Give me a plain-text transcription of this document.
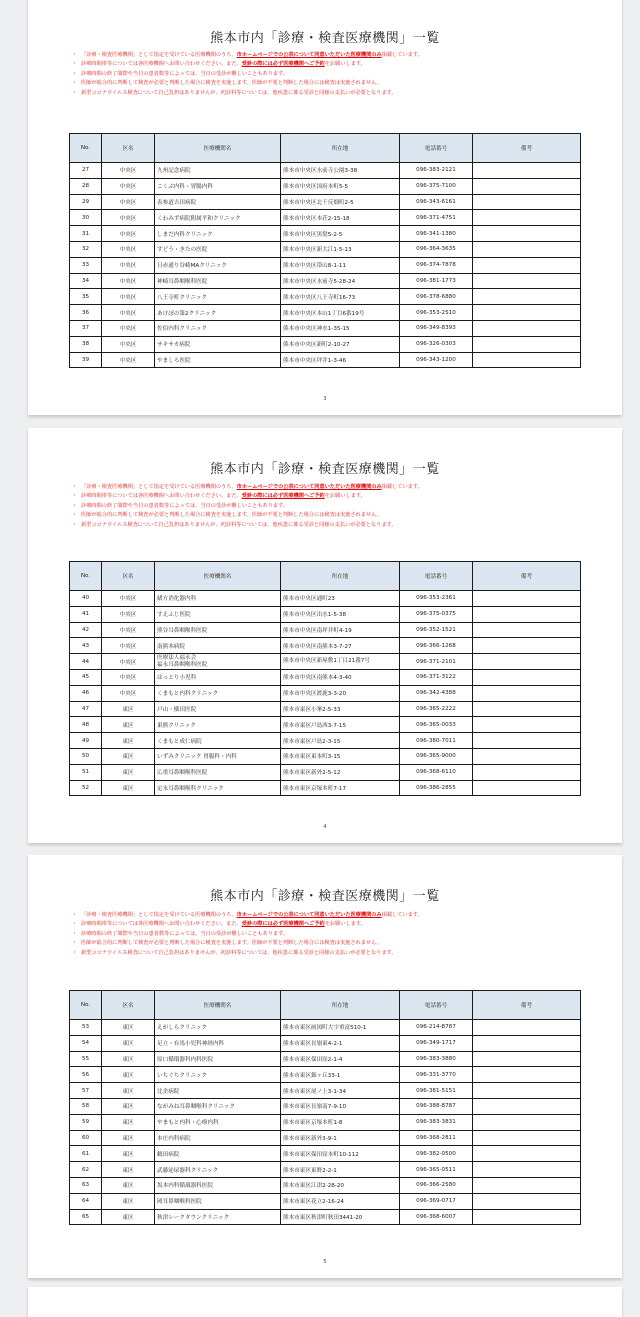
熊本市内「診療・検査医療機関」一覧
・ 「診療・検査医療機関」として指定を受けている医療機関のうち、市ホームページでの公表について同意いただいた医療機関のみ掲載しています。
・ 診療時間帯等については各医療機関へお問い合わせください。また、受診の際には必ず医療機関へご予約をお願いします。
・ 診療時間の終了間際や当日の患者数等によっては、当日の受診が難しいこともあります。
・ 医師が総合的に判断して検査が必要と判断した場合に検査を実施します。医師が不要と判断した場合には検査は実施されません。
・ 新型コロナウイルス検査について自己負担はありませんが、初診料等については、他疾患に係る受診と同様の支払いが必要となります。
No.	区名	医療機関名	所在地	電話番号	備考
27	中央区	九州記念病院	熊本市中央区水前寺公園3-38	096-383-2121	
28	中央区	こくぶ内科・胃腸内科	熊本市中央区国府本町5-5	096-375-7100	
29	中央区	表参道吉田病院	熊本市中央区北千反畑町2-5	096-343-6161	
30	中央区	くわみず病院附属平和クリニック	熊本市中央区本荘2-15-18	096-371-4751	
31	中央区	しまだ内科クリニック	熊本市中央区黒髪5-2-5	096-341-1380	
32	中央区	すどう・きたの医院	熊本市中央区新大江1-5-13	096-364-3635	
33	中央区	日赤通り谷崎MAクリニック	熊本市中央区帯山8-1-11	096-374-7878	
34	中央区	神崎耳鼻咽喉科医院	熊本市中央区水前寺5-28-24	096-381-1773	
35	中央区	八王寺町クリニック	熊本市中央区八王寺町16-73	096-378-6880	
36	中央区	あけぼの第2クリニック	熊本市中央区本山1丁目6番19号	096-353-2510	
37	中央区	佐伯内科クリニック	熊本市中央区神水1-35-15	096-349-8393	
38	中央区	サキサカ病院	熊本市中央区新町2-10-27	096-326-0303	
39	中央区	やましろ医院	熊本市中央区坪井1-3-46	096-343-1200	
3
熊本市内「診療・検査医療機関」一覧
・ 「診療・検査医療機関」として指定を受けている医療機関のうち、市ホームページでの公表について同意いただいた医療機関のみ掲載しています。
・ 診療時間帯等については各医療機関へお問い合わせください。また、受診の際には必ず医療機関へご予約をお願いします。
・ 診療時間の終了間際や当日の患者数等によっては、当日の受診が難しいこともあります。
・ 医師が総合的に判断して検査が必要と判断した場合に検査を実施します。医師が不要と判断した場合には検査は実施されません。
・ 新型コロナウイルス検査について自己負担はありませんが、初診料等については、他疾患に係る受診と同様の支払いが必要となります。
No.	区名	医療機関名	所在地	電話番号	備考
40	中央区	緒方消化器内科	熊本市中央区通町23	096-353-2361	
41	中央区	すえふじ医院	熊本市中央区出水1-5-38	096-375-0375	
42	中央区	熊谷耳鼻咽喉科医院	熊本市中央区南坪井町4-19	096-352-1521	
43	中央区	南熊本病院	熊本市中央区南熊本3-7-27	096-366-1268	
44	中央区	医療法人福永会
福永耳鼻咽喉科医院	熊本市中央区新屋敷1丁目21番7号	096-371-2101	
45	中央区	はっとり小児科	熊本市中央区南熊本4-3-40	096-371-3122	
46	中央区	くまもと内科クリニック	熊本市中央区渡鹿3-3-20	096-342-4388	
47	東区	戸山・横田医院	熊本市東区小峯2-5-33	096-365-2222	
48	東区	東熊クリニック	熊本市東区戸島西3-7-15	096-365-0033	
49	東区	くまもと成仁病院	熊本市東区戸島2-3-15	096-380-7011	
50	東区	いずみクリニック 胃腸科・内科	熊本市東区東本町3-15	096-365-9000	
51	東区	広重耳鼻咽喉科医院	熊本市東区新外2-5-12	096-368-6110	
52	東区	定永耳鼻咽喉科クリニック	熊本市東区京塚本町7-17	096-386-2855	
4
熊本市内「診療・検査医療機関」一覧
・ 「診療・検査医療機関」として指定を受けている医療機関のうち、市ホームページでの公表について同意いただいた医療機関のみ掲載しています。
・ 診療時間帯等については各医療機関へお問い合わせください。また、受診の際には必ず医療機関へご予約をお願いします。
・ 診療時間の終了間際や当日の患者数等によっては、当日の受診が難しいこともあります。
・ 医師が総合的に判断して検査が必要と判断した場合に検査を実施します。医師が不要と判断した場合には検査は実施されません。
・ 新型コロナウイルス検査について自己負担はありませんが、初診料等については、他疾患に係る受診と同様の支払いが必要となります。
No.	区名	医療機関名	所在地	電話番号	備考
53	東区	えがしらクリニック	熊本市東区画図町大字重富510-1	096-214-8787	
54	東区	足立・有馬小児科神経内科	熊本市東区長嶺東4-2-1	096-349-1717	
55	東区	原口循環器科内科医院	熊本市東区保田窪2-1-4	096-383-3880	
56	東区	いちぐちクリニック	熊本市東区錦ヶ丘33-1	096-331-3770	
57	東区	比企病院	熊本市東区尾ノ上3-1-34	096-381-5151	
58	東区	ながみね耳鼻咽喉科クリニック	熊本市東区長嶺南7-9-10	096-388-8787	
59	東区	やまもと内科・心療内科	熊本市東区京塚本町1-8	096-383-3831	
60	東区	本庄内科病院	熊本市東区新外3-9-1	096-368-2811	
61	東区	鶴田病院	熊本市東区保田窪本町10-112	096-382-0500	
62	東区	武藤泌尿器科クリニック	熊本市東区東野2-2-1	096-365-0511	
63	東区	坂本内科循環器科医院	熊本市東区江津2-28-20	096-366-2580	
64	東区	岡耳鼻咽喉科医院	熊本市東区花立2-16-24	096-369-0717	
65	東区	秋津レークタウンクリニック	熊本市東区秋津町秋田3441-20	096-368-6007	
5
